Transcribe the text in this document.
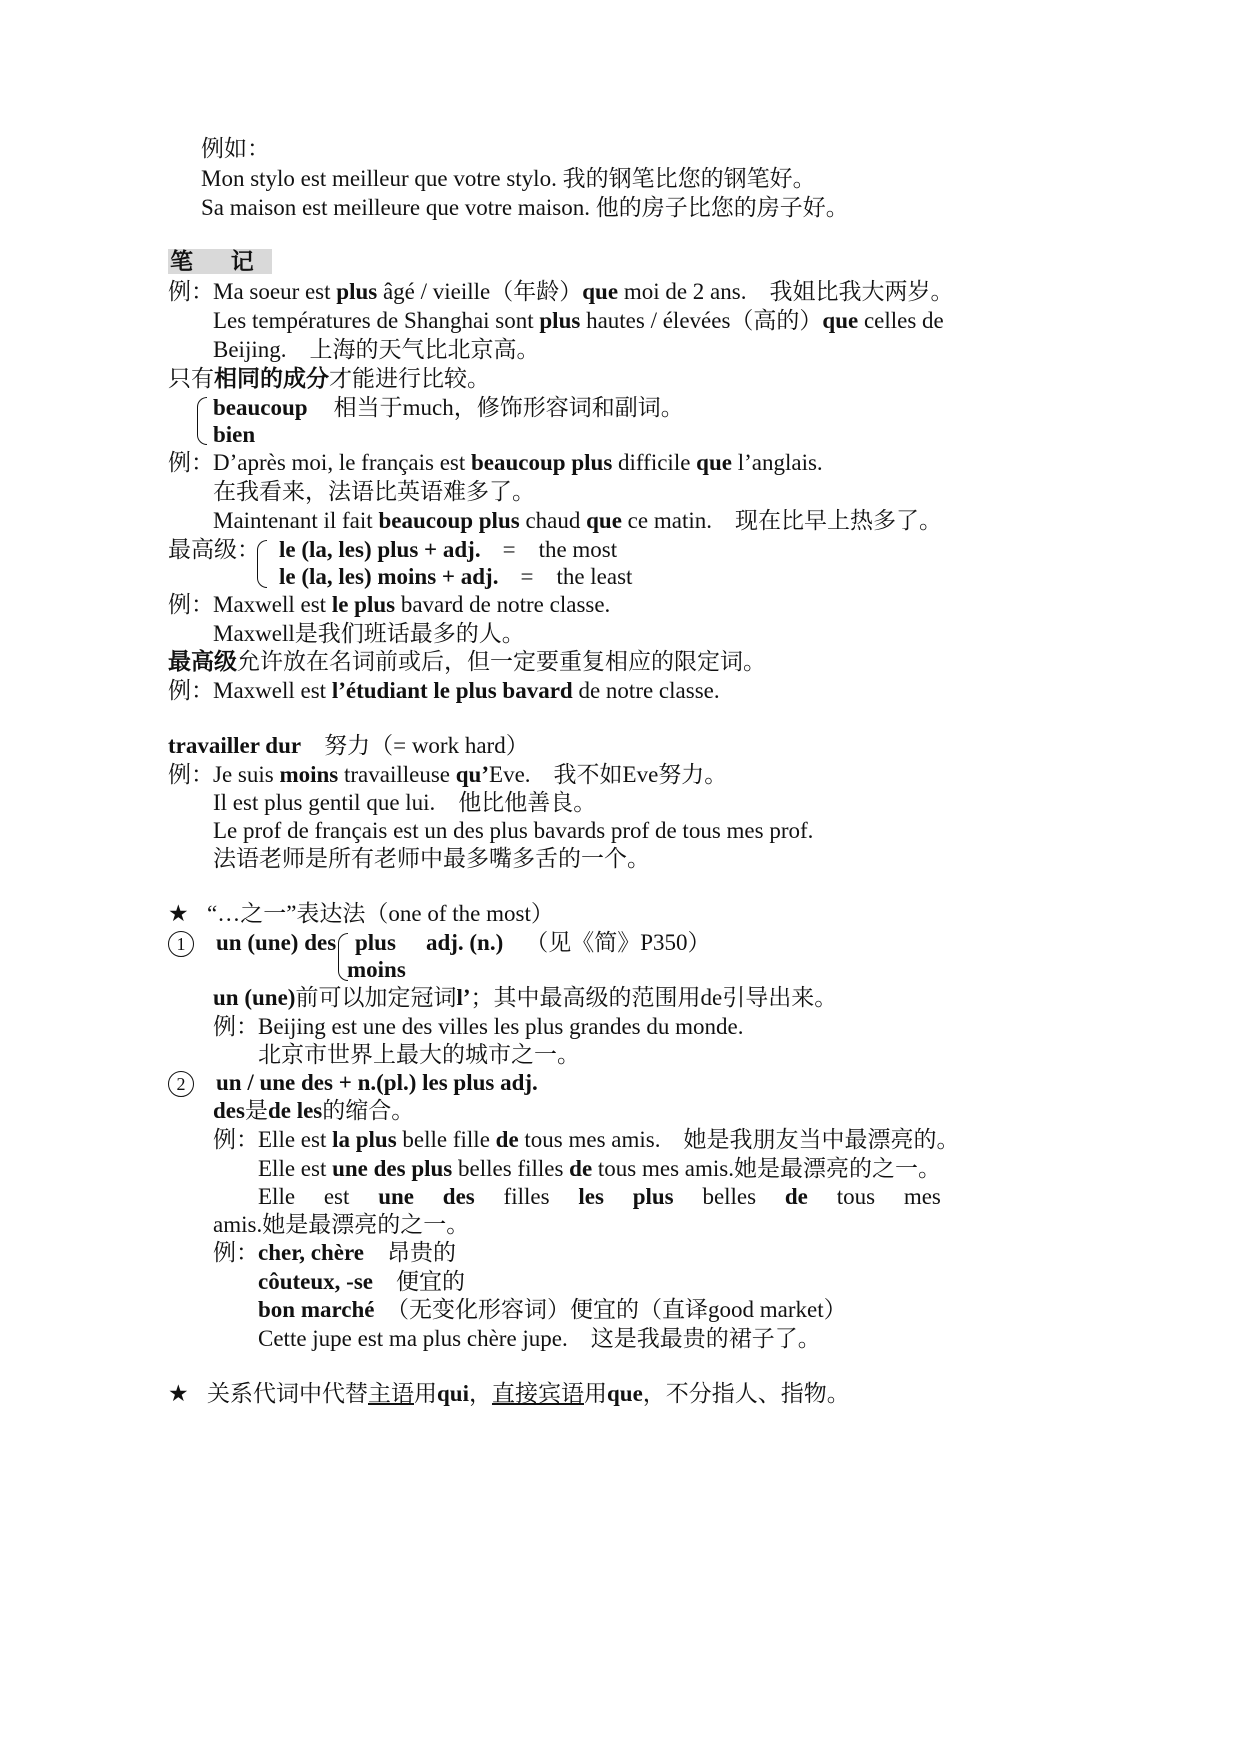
例如：
Mon stylo est meilleur que votre stylo. 我的钢笔比您的钢笔好。
Sa maison est meilleure que votre maison. 他的房子比您的房子好。
笔 记
例： Ma soeur est plus âgé / vieille（年龄）que moi de 2 ans.　我姐比我大两岁。
Les températures de Shanghai sont plus hautes / élevées（高的）que celles de
Beijing.　上海的天气比北京高。
只有相同的成分才能进行比较。
beaucoup 相当于much，修饰形容词和副词。
bien
例： D’après moi, le français est beaucoup plus difficile que l’anglais.
在我看来，法语比英语难多了。
Maintenant il fait beaucoup plus chaud que ce matin.　现在比早上热多了。
最高级： le (la, les) plus + adj. =　the most
le (la, les) moins + adj. =　the least
例： Maxwell est le plus bavard de notre classe.
Maxwell是我们班话最多的人。
最高级允许放在名词前或后，但一定要重复相应的限定词。
例： Maxwell est l’étudiant le plus bavard de notre classe.
travailler dur　努力（= work hard）
例： Je suis moins travailleuse qu’Eve.　我不如Eve努力。
Il est plus gentil que lui.　他比他善良。
Le prof de français est un des plus bavards prof de tous mes prof.
法语老师是所有老师中最多嘴多舌的一个。
★ “…之一”表达法（one of the most）
1	un (une) des plus adj. (n.) （见《简》P350）
moins
un (une)前可以加定冠词l’；其中最高级的范围用de引导出来。
例： Beijing est une des villes les plus grandes du monde.
北京市世界上最大的城市之一。
2	un / une des + n.(pl.) les plus adj.
des是de les的缩合。
例： Elle est la plus belle fille de tous mes amis.　她是我朋友当中最漂亮的。
Elle est une des plus belles filles de tous mes amis.她是最漂亮的之一。
Elle est une des filles les plus belles de tous mes
amis.她是最漂亮的之一。
例： cher, chère　昂贵的
côuteux, -se　便宜的
bon marché　（无变化形容词）便宜的（直译good market）
Cette jupe est ma plus chère jupe.　这是我最贵的裙子了。
★ 关系代词中代替主语用qui，直接宾语用que，不分指人、指物。
